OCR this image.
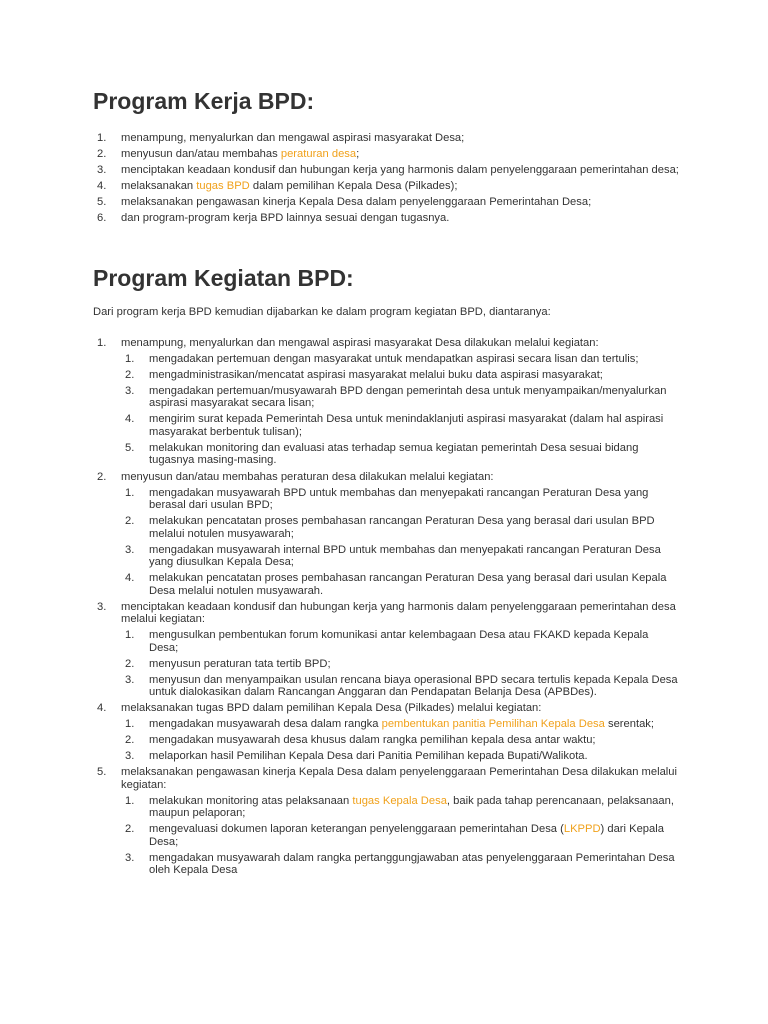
Program Kerja BPD:
1. menampung, menyalurkan dan mengawal aspirasi masyarakat Desa;
2. menyusun dan/atau membahas peraturan desa;
3. menciptakan keadaan kondusif dan hubungan kerja yang harmonis dalam penyelenggaraan pemerintahan desa;
4. melaksanakan tugas BPD dalam pemilihan Kepala Desa (Pilkades);
5. melaksanakan pengawasan kinerja Kepala Desa dalam penyelenggaraan Pemerintahan Desa;
6. dan program-program kerja BPD lainnya sesuai dengan tugasnya.
Program Kegiatan BPD:

Dari program kerja BPD kemudian dijabarkan ke dalam program kegiatan BPD, diantaranya:

1. menampung, menyalurkan dan mengawal aspirasi masyarakat Desa dilakukan melalui kegiatan:
1. mengadakan pertemuan dengan masyarakat untuk mendapatkan aspirasi secara lisan dan tertulis;
2. mengadministrasikan/mencatat aspirasi masyarakat melalui buku data aspirasi masyarakat;
3. mengadakan pertemuan/musyawarah BPD dengan pemerintah desa untuk menyampaikan/menyalurkan aspirasi masyarakat secara lisan;
4. mengirim surat kepada Pemerintah Desa untuk menindaklanjuti aspirasi masyarakat (dalam hal aspirasi masyarakat berbentuk tulisan);
5. melakukan monitoring dan evaluasi atas terhadap semua kegiatan pemerintah Desa sesuai bidang tugasnya masing-masing.
2. menyusun dan/atau membahas peraturan desa dilakukan melalui kegiatan:
1. mengadakan musyawarah BPD untuk membahas dan menyepakati rancangan Peraturan Desa yang berasal dari usulan BPD;
2. melakukan pencatatan proses pembahasan rancangan Peraturan Desa yang berasal dari usulan BPD melalui notulen musyawarah;
3. mengadakan musyawarah internal BPD untuk membahas dan menyepakati rancangan Peraturan Desa yang diusulkan Kepala Desa;
4. melakukan pencatatan proses pembahasan rancangan Peraturan Desa yang berasal dari usulan Kepala Desa melalui notulen musyawarah.
3. menciptakan keadaan kondusif dan hubungan kerja yang harmonis dalam penyelenggaraan pemerintahan desa melalui kegiatan:
1. mengusulkan pembentukan forum komunikasi antar kelembagaan Desa atau FKAKD kepada Kepala Desa;
2. menyusun peraturan tata tertib BPD;
3. menyusun dan menyampaikan usulan rencana biaya operasional BPD secara tertulis kepada Kepala Desa untuk dialokasikan dalam Rancangan Anggaran dan Pendapatan Belanja Desa (APBDes).
4. melaksanakan tugas BPD dalam pemilihan Kepala Desa (Pilkades) melalui kegiatan:
1. mengadakan musyawarah desa dalam rangka pembentukan panitia Pemilihan Kepala Desa serentak;
2. mengadakan musyawarah desa khusus dalam rangka pemilihan kepala desa antar waktu;
3. melaporkan hasil Pemilihan Kepala Desa dari Panitia Pemilihan kepada Bupati/Walikota.
5. melaksanakan pengawasan kinerja Kepala Desa dalam penyelenggaraan Pemerintahan Desa dilakukan melalui kegiatan:
1. melakukan monitoring atas pelaksanaan tugas Kepala Desa, baik pada tahap perencanaan, pelaksanaan, maupun pelaporan;
2. mengevaluasi dokumen laporan keterangan penyelenggaraan pemerintahan Desa (LKPPD) dari Kepala Desa;
3. mengadakan musyawarah dalam rangka pertanggungjawaban atas penyelenggaraan Pemerintahan Desa oleh Kepala Desa
